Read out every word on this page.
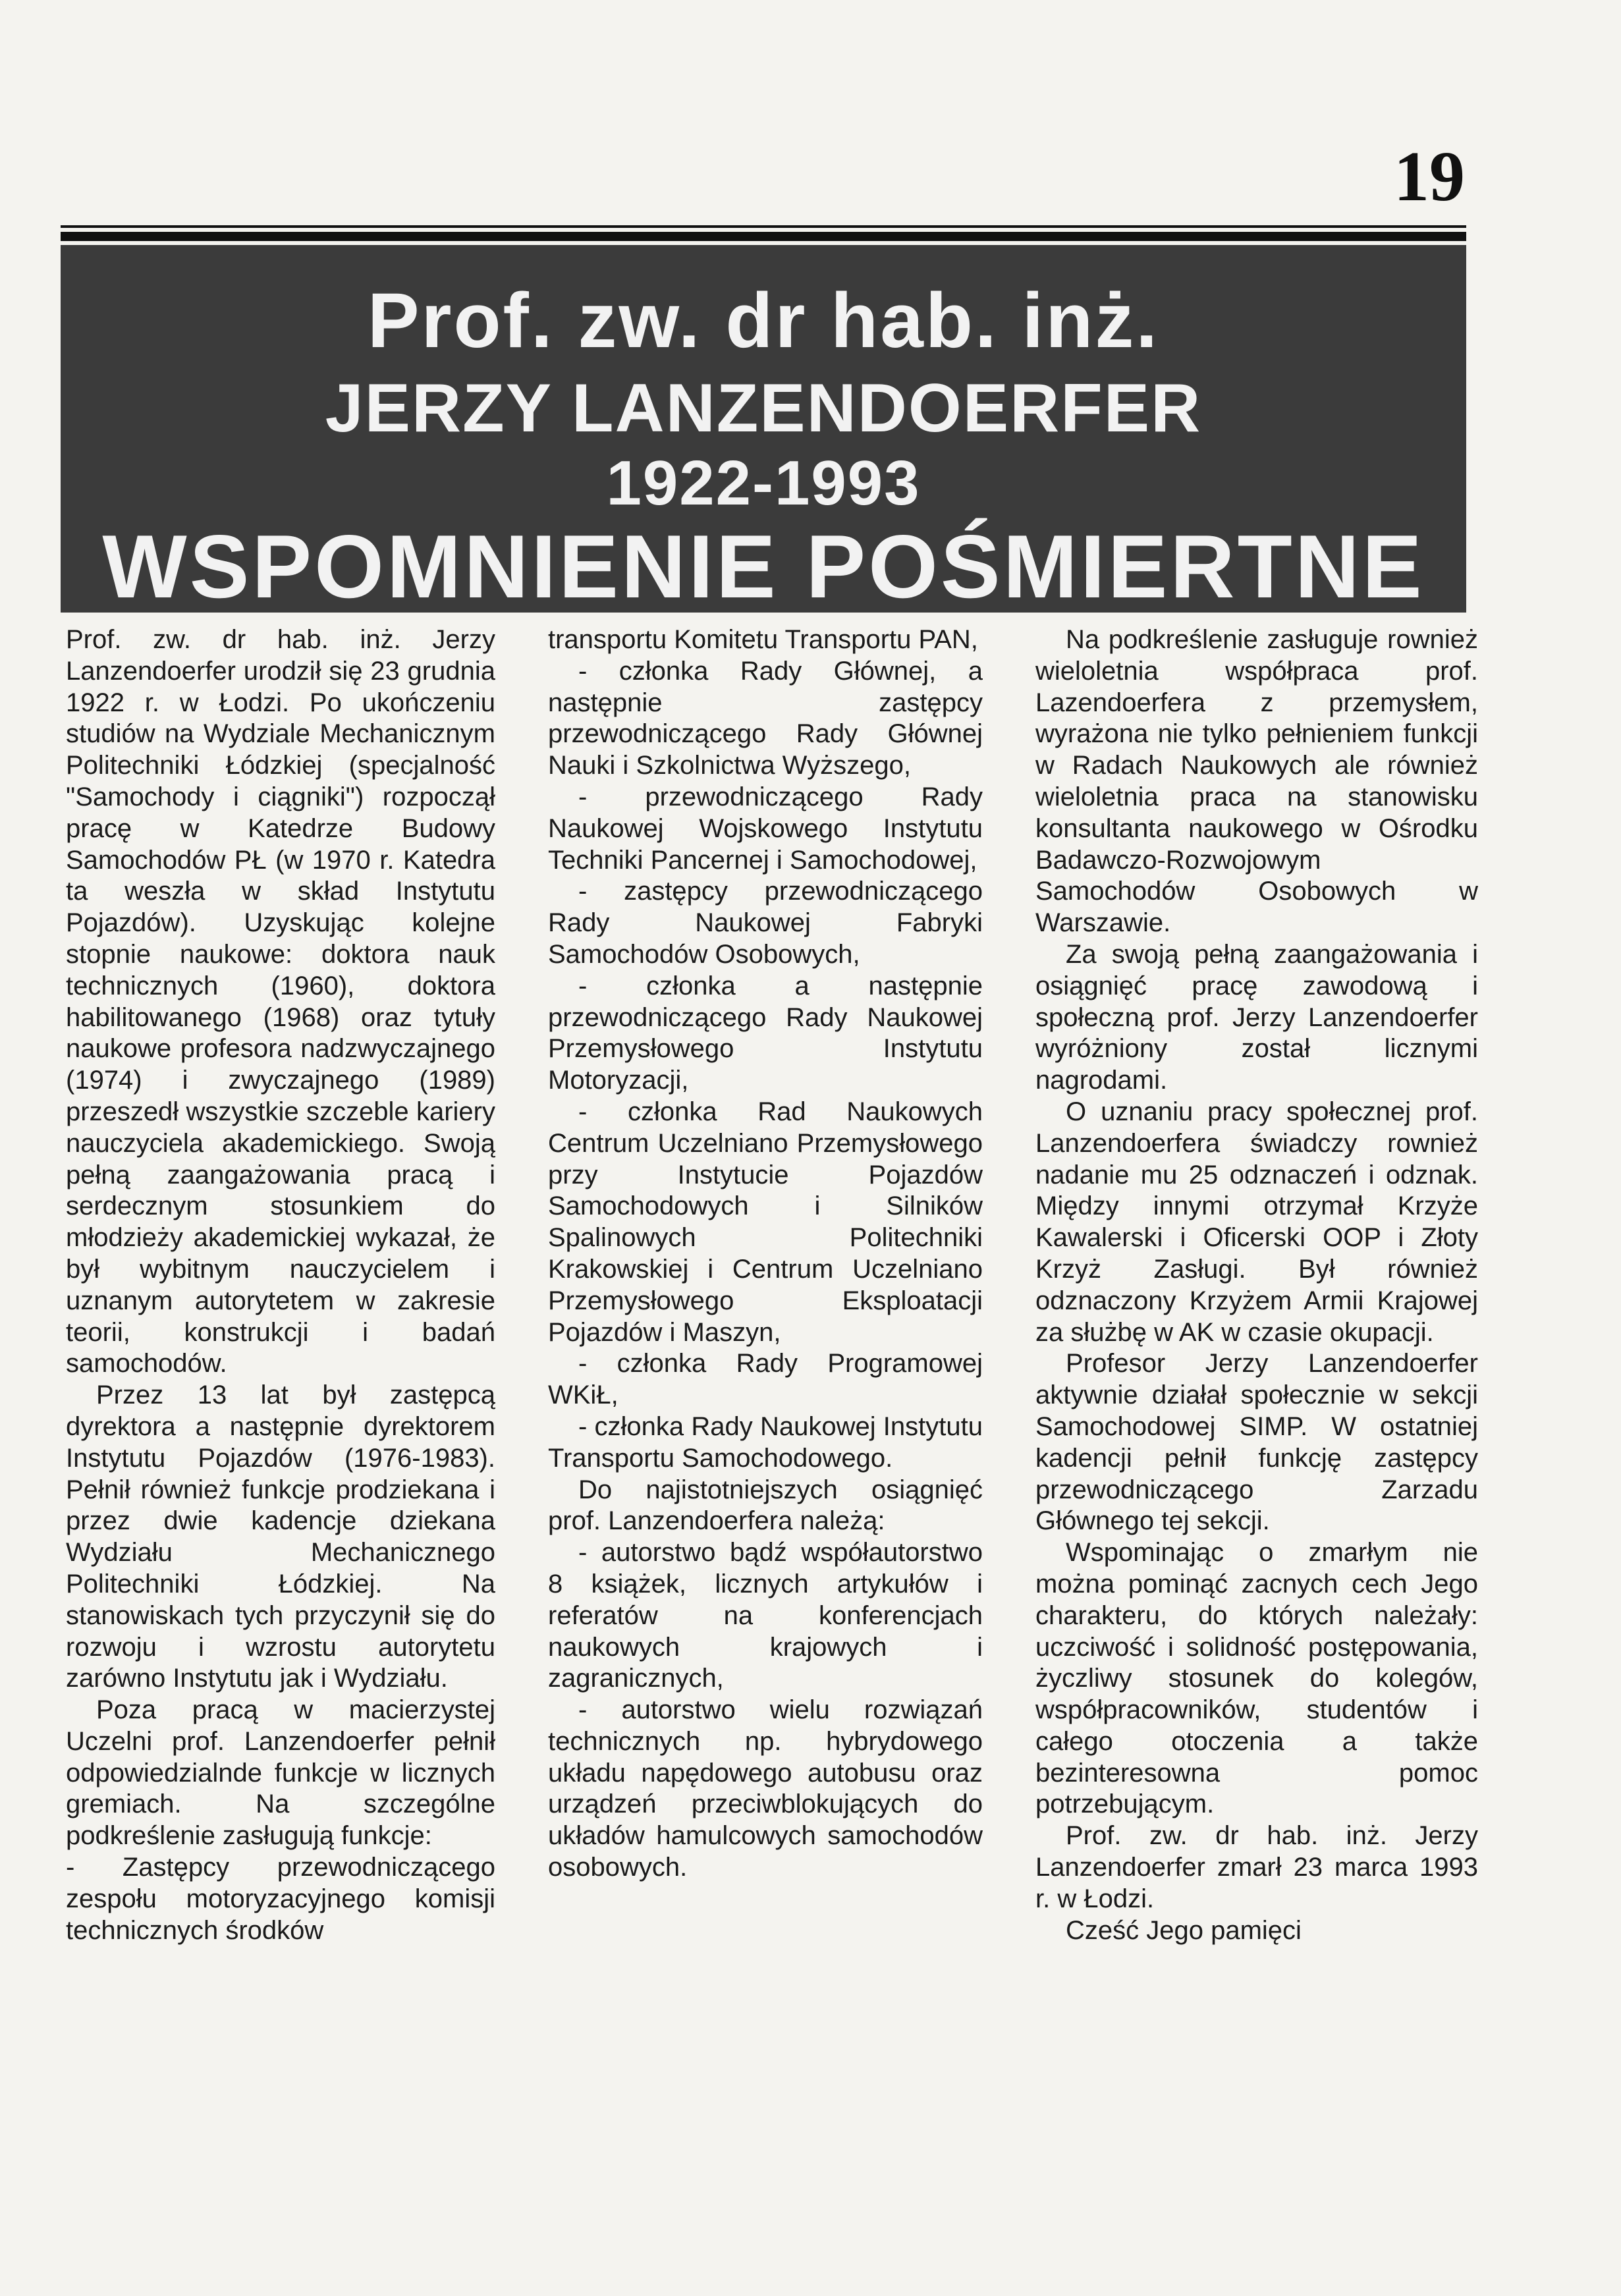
19
Prof. zw. dr hab. inż.
JERZY LANZENDOERFER
1922-1993
WSPOMNIENIE POŚMIERTNE

Prof. zw. dr hab. inż. Jerzy Lanzendoerfer urodził się 23 grudnia 1922 r. w Łodzi. Po ukończeniu studiów na Wydziale Mechanicznym Politechniki Łódzkiej (specjalność "Samochody i ciągniki") rozpoczął pracę w Katedrze Budowy Samochodów PŁ (w 1970 r. Katedra ta weszła w skład Instytutu Pojazdów). Uzyskując kolejne stopnie naukowe: doktora nauk technicznych (1960), doktora habilitowanego (1968) oraz tytuły naukowe profesora nadzwyczajnego (1974) i zwyczajnego (1989) przeszedł wszystkie szczeble kariery nauczyciela akademickiego. Swoją pełną zaangażowania pracą i serdecznym stosunkiem do młodzieży akademickiej wykazał, że był wybitnym nauczycielem i uznanym autorytetem w zakresie teorii, konstrukcji i badań samochodów.

Przez 13 lat był zastępcą dyrektora a następnie dyrektorem Instytutu Pojazdów (1976-1983). Pełnił również funkcje prodziekana i przez dwie kadencje dziekana Wydziału Mechanicznego Politechniki Łódzkiej. Na stanowiskach tych przyczynił się do rozwoju i wzrostu autorytetu zarówno Instytutu jak i Wydziału.

Poza pracą w macierzystej Uczelni prof. Lanzendoerfer pełnił odpowiedzialnde funkcje w licznych gremiach. Na szczególne podkreślenie zasługują funkcje:

- Zastępcy przewodniczącego zespołu motoryzacyjnego komisji technicznych środków

transportu Komitetu Transportu PAN,

- członka Rady Głównej, a następnie zastępcy przewodniczącego Rady Głównej Nauki i Szkolnictwa Wyższego,

- przewodniczącego Rady Naukowej Wojskowego Instytutu Techniki Pancernej i Samochodowej,

- zastępcy przewodniczącego Rady Naukowej Fabryki Samochodów Osobowych,

- członka a następnie przewodniczącego Rady Naukowej Przemysłowego Instytutu Motoryzacji,

- członka Rad Naukowych Centrum Uczelniano Przemysłowego przy Instytucie Pojazdów Samochodowych i Silników Spalinowych Politechniki Krakowskiej i Centrum Uczelniano Przemysłowego Eksploatacji Pojazdów i Maszyn,

- członka Rady Programowej WKiŁ,

- członka Rady Naukowej Instytutu Transportu Samochodowego.

Do najistotniejszych osiągnięć prof. Lanzendoerfera należą:

- autorstwo bądź współautorstwo 8 książek, licznych artykułów i referatów na konferencjach naukowych krajowych i zagranicznych,

- autorstwo wielu rozwiązań technicznych np. hybrydowego układu napędowego autobusu oraz urządzeń przeciwblokujących do układów hamulcowych samochodów osobowych.

Na podkreślenie zasługuje rownież wieloletnia współpraca prof. Lazendoerfera z przemysłem, wyrażona nie tylko pełnieniem funkcji w Radach Naukowych ale również wieloletnia praca na stanowisku konsultanta naukowego w Ośrodku Badawczo-Rozwojowym Samochodów Osobowych w Warszawie.

Za swoją pełną zaangażowania i osiągnięć pracę zawodową i społeczną prof. Jerzy Lanzendoerfer wyróżniony został licznymi nagrodami.

O uznaniu pracy społecznej prof. Lanzendoerfera świadczy rownież nadanie mu 25 odznaczeń i odznak. Między innymi otrzymał Krzyże Kawalerski i Oficerski OOP i Złoty Krzyż Zasługi. Był również odznaczony Krzyżem Armii Krajowej za służbę w AK w czasie okupacji.

Profesor Jerzy Lanzendoerfer aktywnie działał społecznie w sekcji Samochodowej SIMP. W ostatniej kadencji pełnił funkcję zastępcy przewodniczącego Zarzadu Głównego tej sekcji.

Wspominając o zmarłym nie można pominąć zacnych cech Jego charakteru, do których należały: uczciwość i solidność postępowania, życzliwy stosunek do kolegów, współpracowników, studentów i całego otoczenia a także bezinteresowna pomoc potrzebującym.

Prof. zw. dr hab. inż. Jerzy Lanzendoerfer zmarł 23 marca 1993 r. w Łodzi.

Cześć Jego pamięci
